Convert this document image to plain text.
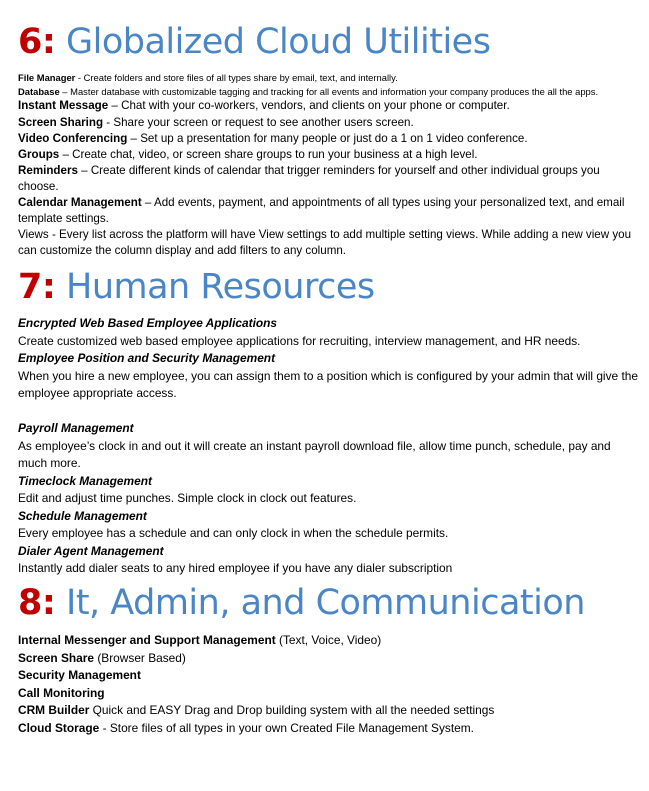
6: Globalized Cloud Utilities

File Manager - Create folders and store files of all types share by email, text, and internally.

Database – Master database with customizable tagging and tracking for all events and information your company produces the all the apps.

Instant Message – Chat with your co-workers, vendors, and clients on your phone or computer.

Screen Sharing - Share your screen or request to see another users screen.

Video Conferencing – Set up a presentation for many people or just do a 1 on 1 video conference.

Groups – Create chat, video, or screen share groups to run your business at a high level.

Reminders – Create different kinds of calendar that trigger reminders for yourself and other individual groups you choose.

Calendar Management – Add events, payment, and appointments of all types using your personalized text, and email template settings.

Views - Every list across the platform will have View settings to add multiple setting views. While adding a new view you can customize the column display and add filters to any column.

7: Human Resources

Encrypted Web Based Employee Applications

Create customized web based employee applications for recruiting, interview management, and HR needs.

Employee Position and Security Management

When you hire a new employee, you can assign them to a position which is configured by your admin that will give the employee appropriate access.

Payroll Management

As employee’s clock in and out it will create an instant payroll download file, allow time punch, schedule, pay and much more.

Timeclock Management

Edit and adjust time punches. Simple clock in clock out features.

Schedule Management

Every employee has a schedule and can only clock in when the schedule permits.

Dialer Agent Management

Instantly add dialer seats to any hired employee if you have any dialer subscription

8: It, Admin, and Communication

Internal Messenger and Support Management (Text, Voice, Video)

Screen Share (Browser Based)

Security Management

Call Monitoring

CRM Builder Quick and EASY Drag and Drop building system with all the needed settings

Cloud Storage - Store files of all types in your own Created File Management System.
